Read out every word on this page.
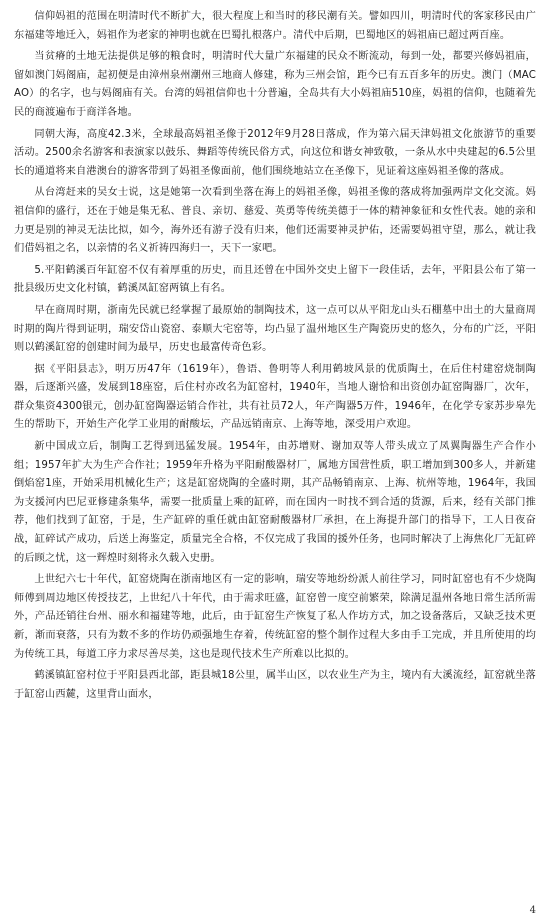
信仰妈祖的范围在明清时代不断扩大，很大程度上和当时的移民潮有关。譬如四川，明清时代的客家移民由广东福建等地迁入，妈祖作为老家的神明也就在巴蜀扎根落户。清代中后期，巴蜀地区的妈祖庙已超过两百座。

当贫瘠的土地无法提供足够的粮食时，明清时代大量广东福建的民众不断流动，每到一处，都要兴修妈祖庙，留如澳门妈阁庙，起初便是由漳州泉州潮州三地商人修建，称为三州会馆，距今已有五百多年的历史。澳门（MACAO）的名字，也与妈阁庙有关。台湾的妈祖信仰也十分普遍，全岛共有大小妈祖庙510座，妈祖的信仰，也随着先民的商渡遍布于商洋各地。

同朝大海，高度42.3米，全球最高妈祖圣像于2012年9月28日落成，作为第六届天津妈祖文化旅游节的重要活动。2500余名游客和表演家以鼓乐、舞蹈等传统民俗方式，向这位和谐女神致敬，一条从水中央建起的6.5公里长的通道将来自港澳台的游客带到了妈祖圣像面前，他们围绕地站立在圣像下，见证着这座妈祖圣像的落成。

从台湾赶来的吴女士说，这是她第一次看到坐落在海上的妈祖圣像，妈祖圣像的落成将加强两岸文化交流。妈祖信仰的盛行，还在于她是集无私、普良、亲切、慈爱、英勇等传统美德于一体的精神象征和女性代表。她的亲和力更是别的神灵无法比拟，如今，海外还有游子没有归来，他们还需要神灵护佑，还需要妈祖守望，那么，就让我们借妈祖之名，以亲情的名义祈祷四海归一，天下一家吧。

5.平阳鹤溪百年缸窑不仅有着厚重的历史，而且还曾在中国外交史上留下一段佳话，去年，平阳县公布了第一批县级历史文化村镇，鹤溪凤缸窑两镇上有名。

早在商周时期，浙南先民就已经掌握了最原始的制陶技术，这一点可以从平阳龙山头石棚墓中出土的大量商周时期的陶片得到证明，瑞安岱山瓷窑、泰顺大宅窑等，均凸显了温州地区生产陶瓷历史的悠久，分布的广泛，平阳则以鹤溪缸窑的创建时间为最早，历史也最富传奇色彩。

据《平阳县志》，明万历47年（1619年），鲁语、鲁明等人利用鹤坡风景的优质陶土，在后住村建窑烧制陶器，后逐渐兴盛，发展到18座窑，后住村亦改名为缸窑村，1940年，当地人谢恰和出资创办缸窑陶器厂，次年，群众集资4300银元，创办缸窑陶器运销合作社，共有社员72人，年产陶器5万件，1946年，在化学专家苏步皋先生的帮助下，开始生产化学工业用的耐酸坛，产品远销南京、上海等地，深受用户欢迎。

新中国成立后，制陶工艺得到迅猛发展。1954年，由苏增财、谢加双等人带头成立了凤翼陶器生产合作小组；1957年扩大为生产合作社；1959年升格为平阳耐酸器材厂，属地方国营性质，职工增加到300多人，并新建倒焰窑1座，开始采用机械化生产；这是缸窑烧陶的全盛时期，其产品畅销南京、上海、杭州等地，1964年，我国为支援河内巴尼亚修建条集华，需要一批质量上乘的缸碎，而在国内一时找不到合适的货源，后来，经有关部门推荐，他们找到了缸窑，于是，生产缸碎的重任就由缸窑耐酸器材厂承担，在上海提升部门的指导下，工人日夜奋战，缸碎试产成功，后送上海鉴定，质量完全合格，不仅完成了我国的援外任务，也同时解决了上海焦化厂无缸碎的后顾之忧，这一辉煌时刻将永久载入史册。

上世纪六七十年代，缸窑烧陶在浙南地区有一定的影响，瑞安等地纷纷派人前往学习，同时缸窑也有不少烧陶师傅到周边地区传授技艺，上世纪八十年代，由于需求旺盛，缸窑曾一度空前繁荣，除满足温州各地日常生活所需外，产品还销往台州、丽水和福建等地，此后，由于缸窑生产恢复了私人作坊方式，加之设备落后，又缺乏技术更新，渐而衰落，只有为数不多的作坊仍顽强地生存着，传统缸窑的整个制作过程大多由手工完成，并且所使用的均为传统工具，每道工序力求尽善尽美，这也是现代技术生产所难以比拟的。

鹤溪镇缸窑村位于平阳县西北部，距县城18公里，属半山区，以农业生产为主，境内有大溪流经，缸窑就坐落于缸窑山西麓，这里背山面水，

4
